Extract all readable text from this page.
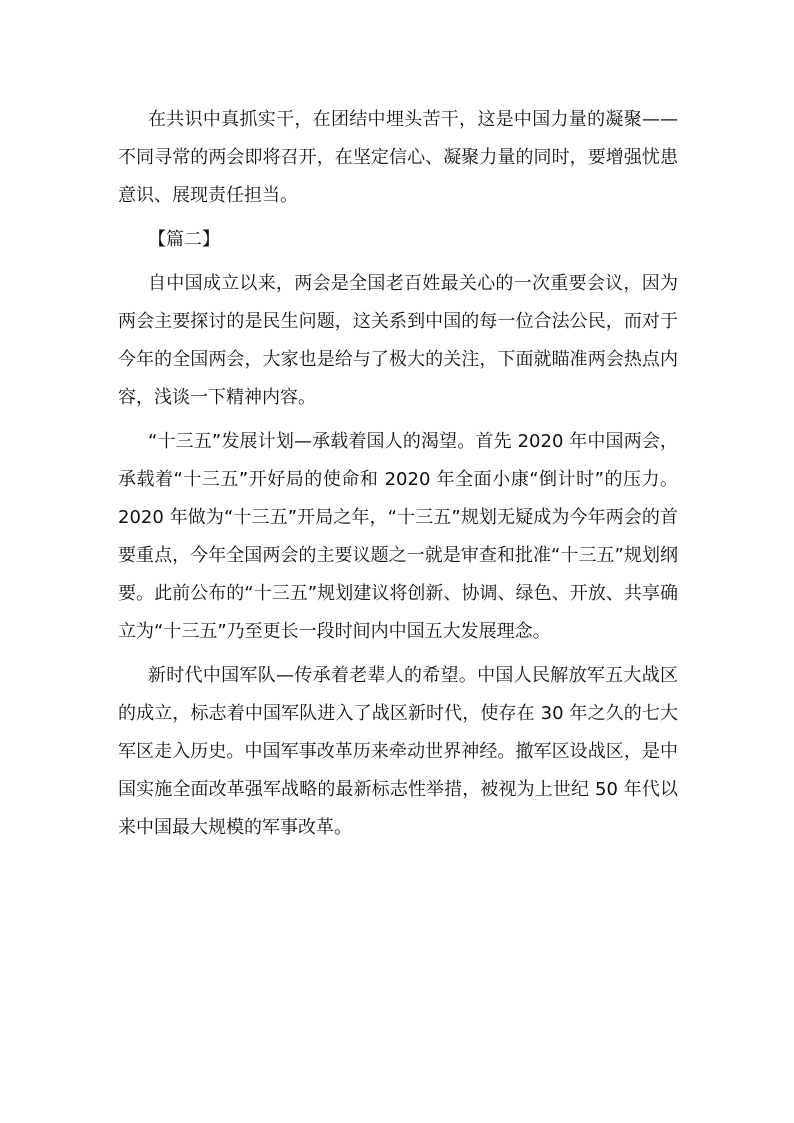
在共识中真抓实干，在团结中埋头苦干，这是中国力量的凝聚——不同寻常的两会即将召开，在坚定信心、凝聚力量的同时，要增强忧患意识、展现责任担当。

【篇二】

自中国成立以来，两会是全国老百姓最关心的一次重要会议，因为两会主要探讨的是民生问题，这关系到中国的每一位合法公民，而对于今年的全国两会，大家也是给与了极大的关注，下面就瞄准两会热点内容，浅谈一下精神内容。

“十三五”发展计划—承载着国人的渴望。首先 2020 年中国两会，承载着“十三五”开好局的使命和 2020 年全面小康“倒计时”的压力。2020 年做为“十三五”开局之年，“十三五”规划无疑成为今年两会的首要重点，今年全国两会的主要议题之一就是审查和批准“十三五”规划纲要。此前公布的“十三五”规划建议将创新、协调、绿色、开放、共享确立为“十三五”乃至更长一段时间内中国五大发展理念。

新时代中国军队—传承着老辈人的希望。中国人民解放军五大战区的成立，标志着中国军队进入了战区新时代，使存在 30 年之久的七大军区走入历史。中国军事改革历来牵动世界神经。撤军区设战区，是中国实施全面改革强军战略的最新标志性举措，被视为上世纪 50 年代以来中国最大规模的军事改革。
